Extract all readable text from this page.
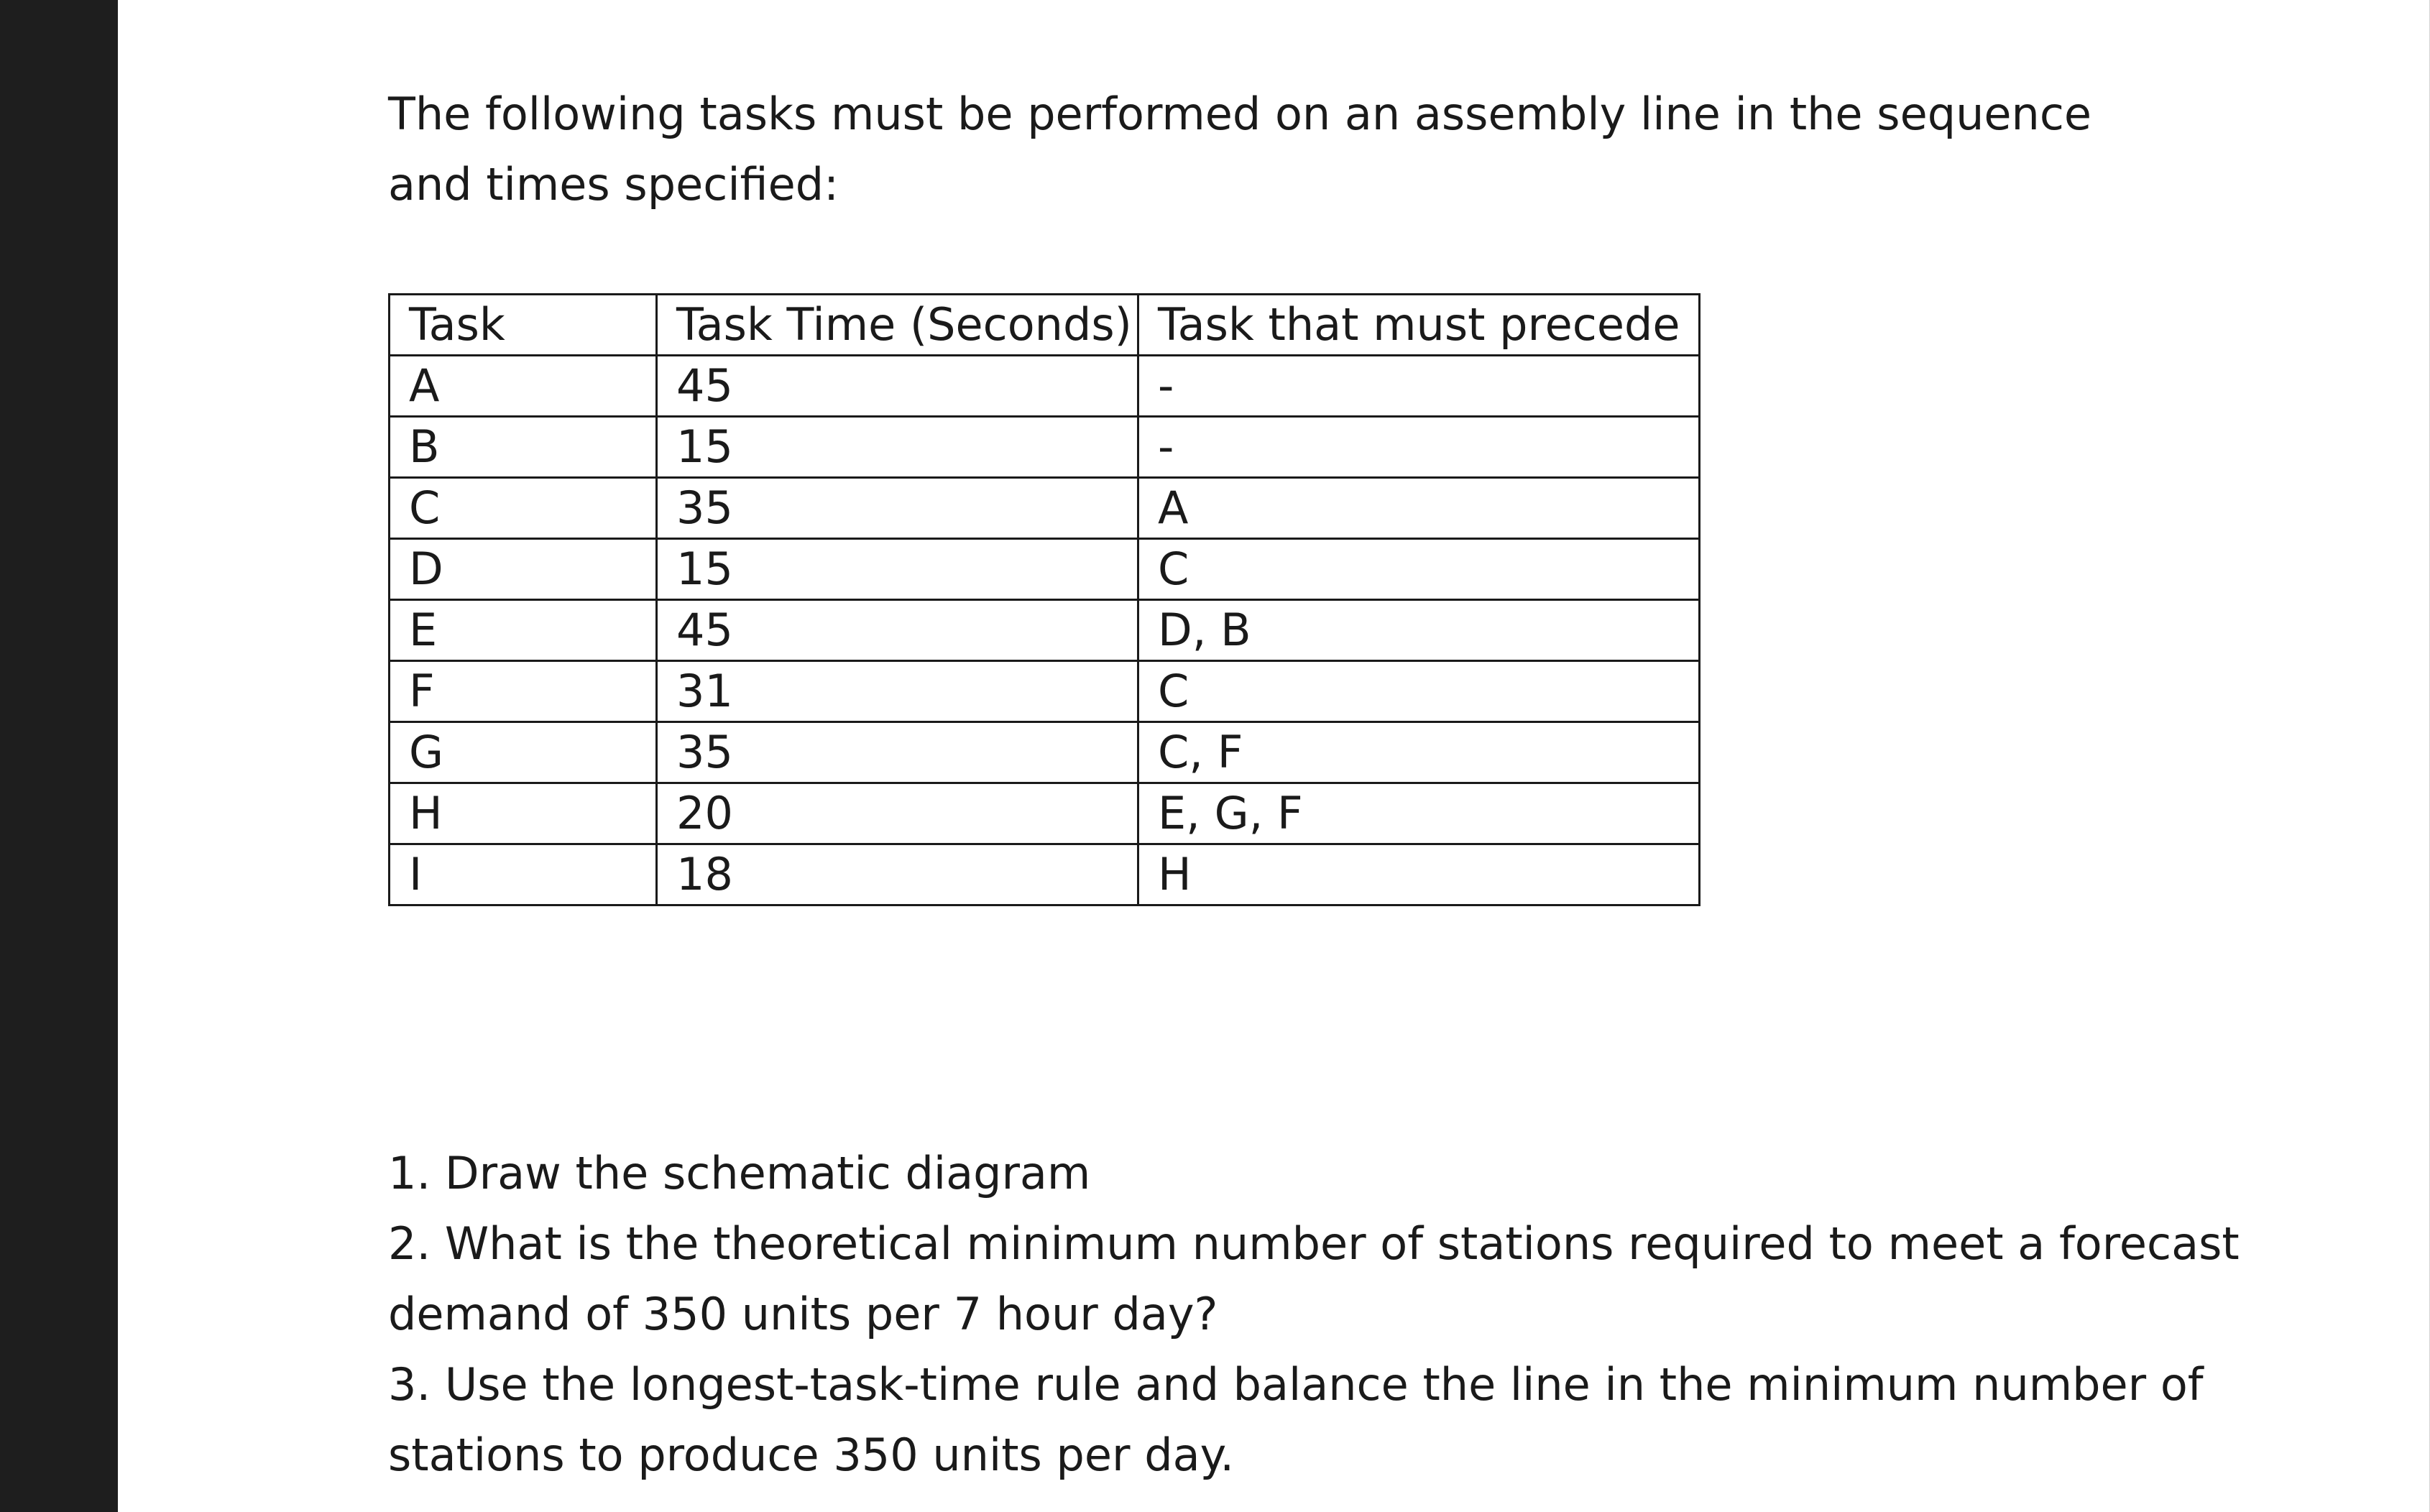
The following tasks must be performed on an assembly line in the sequence and times specified:

Task	Task Time (Seconds)	Task that must precede
A	45	-
B	15	-
C	35	A
D	15	C
E	45	D, B
F	31	C
G	35	C, F
H	20	E, G, F
I	18	H

1. Draw the schematic diagram

2. What is the theoretical minimum number of stations required to meet a forecast demand of 350 units per 7 hour day?

3. Use the longest-task-time rule and balance the line in the minimum number of stations to produce 350 units per day.
